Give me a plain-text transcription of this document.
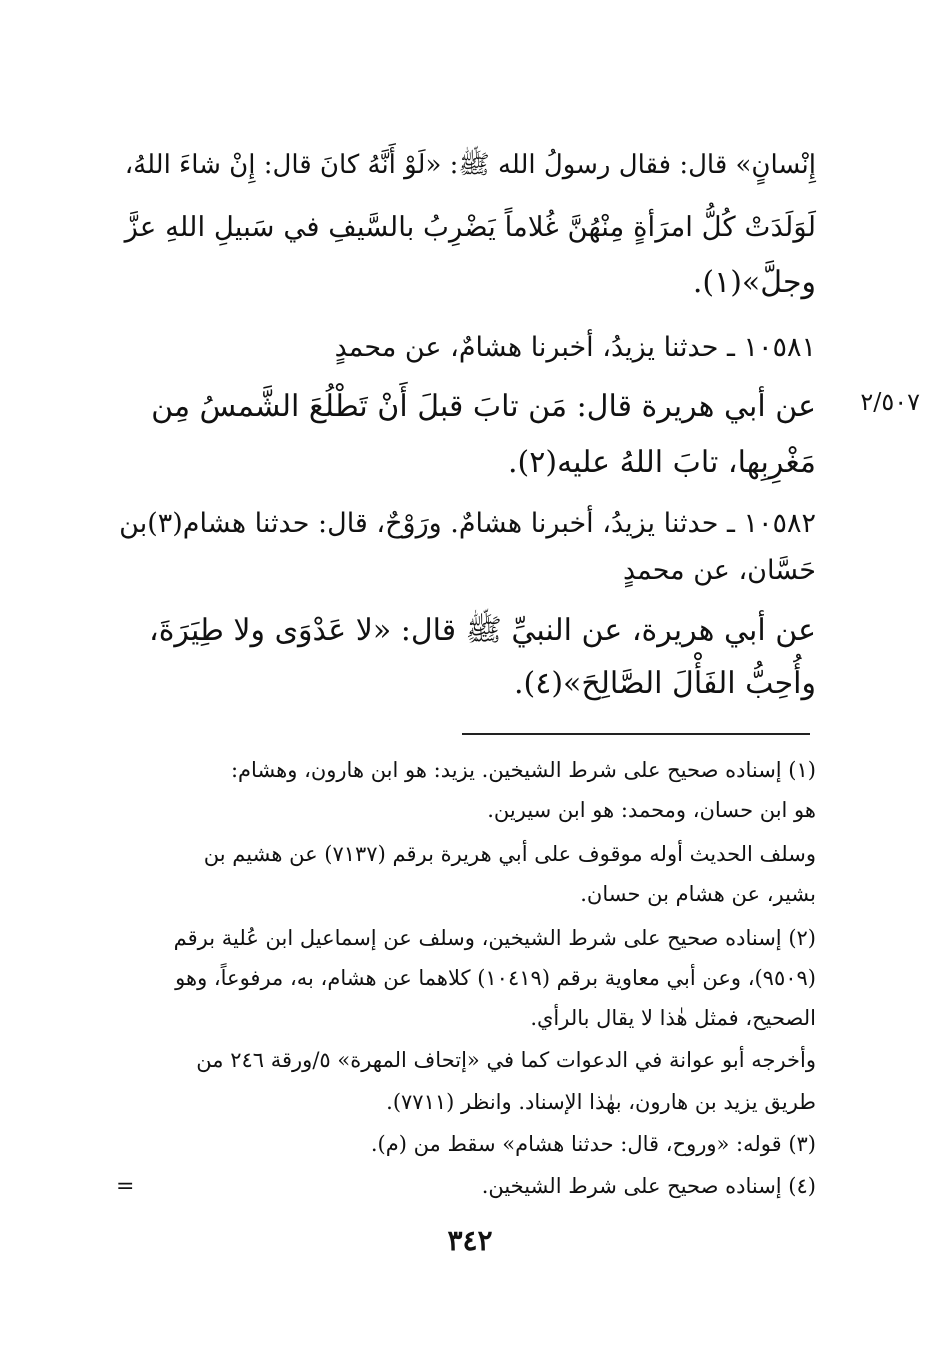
٢/٥٠٧
إِنْسانٍ» قال: فقال رسولُ الله ﷺ: «لَوْ أَنَّهُ كانَ قال: إِنْ شاءَ اللهُ،
لَوَلَدَتْ كُلُّ امرَأةٍ مِنْهُنَّ غُلاماً يَضْرِبُ بالسَّيفِ في سَبيلِ اللهِ عزَّ
وجلَّ»(١).
١٠٥٨١ ـ حدثنا يزيدُ، أخبرنا هشامٌ، عن محمدٍ
عن أبي هريرة قال: مَن تابَ قبلَ أَنْ تَطْلُعَ الشَّمسُ مِن
مَغْرِبِها، تابَ اللهُ عليه(٢).
١٠٥٨٢ ـ حدثنا يزيدُ، أخبرنا هشامٌ. ورَوْحٌ، قال: حدثنا هشام(٣)بن
حَسَّان، عن محمدٍ
عن أبي هريرة، عن النبيِّ ﷺ قال: «لا عَدْوَى ولا طِيَرَةَ،
وأُحِبُّ الفَأْلَ الصَّالِحَ»(٤).
(١) إسناده صحيح على شرط الشيخين. يزيد: هو ابن هارون، وهشام:
هو ابن حسان، ومحمد: هو ابن سيرين.
وسلف الحديث أوله موقوف على أبي هريرة برقم (٧١٣٧) عن هشيم بن
بشير، عن هشام بن حسان.
(٢) إسناده صحيح على شرط الشيخين، وسلف عن إسماعيل ابن عُلية برقم
(٩٥٠٩)، وعن أبي معاوية برقم (١٠٤١٩) كلاهما عن هشام، به، مرفوعاً، وهو
الصحيح، فمثل هٰذا لا يقال بالرأي.
وأخرجه أبو عوانة في الدعوات كما في «إتحاف المهرة» ٥/ورقة ٢٤٦ من
طريق يزيد بن هارون، بهٰذا الإسناد. وانظر (٧٧١١).
(٣) قوله: «وروح، قال: حدثنا هشام» سقط من (م).
(٤) إسناده صحيح على شرط الشيخين.
=
٣٤٢
